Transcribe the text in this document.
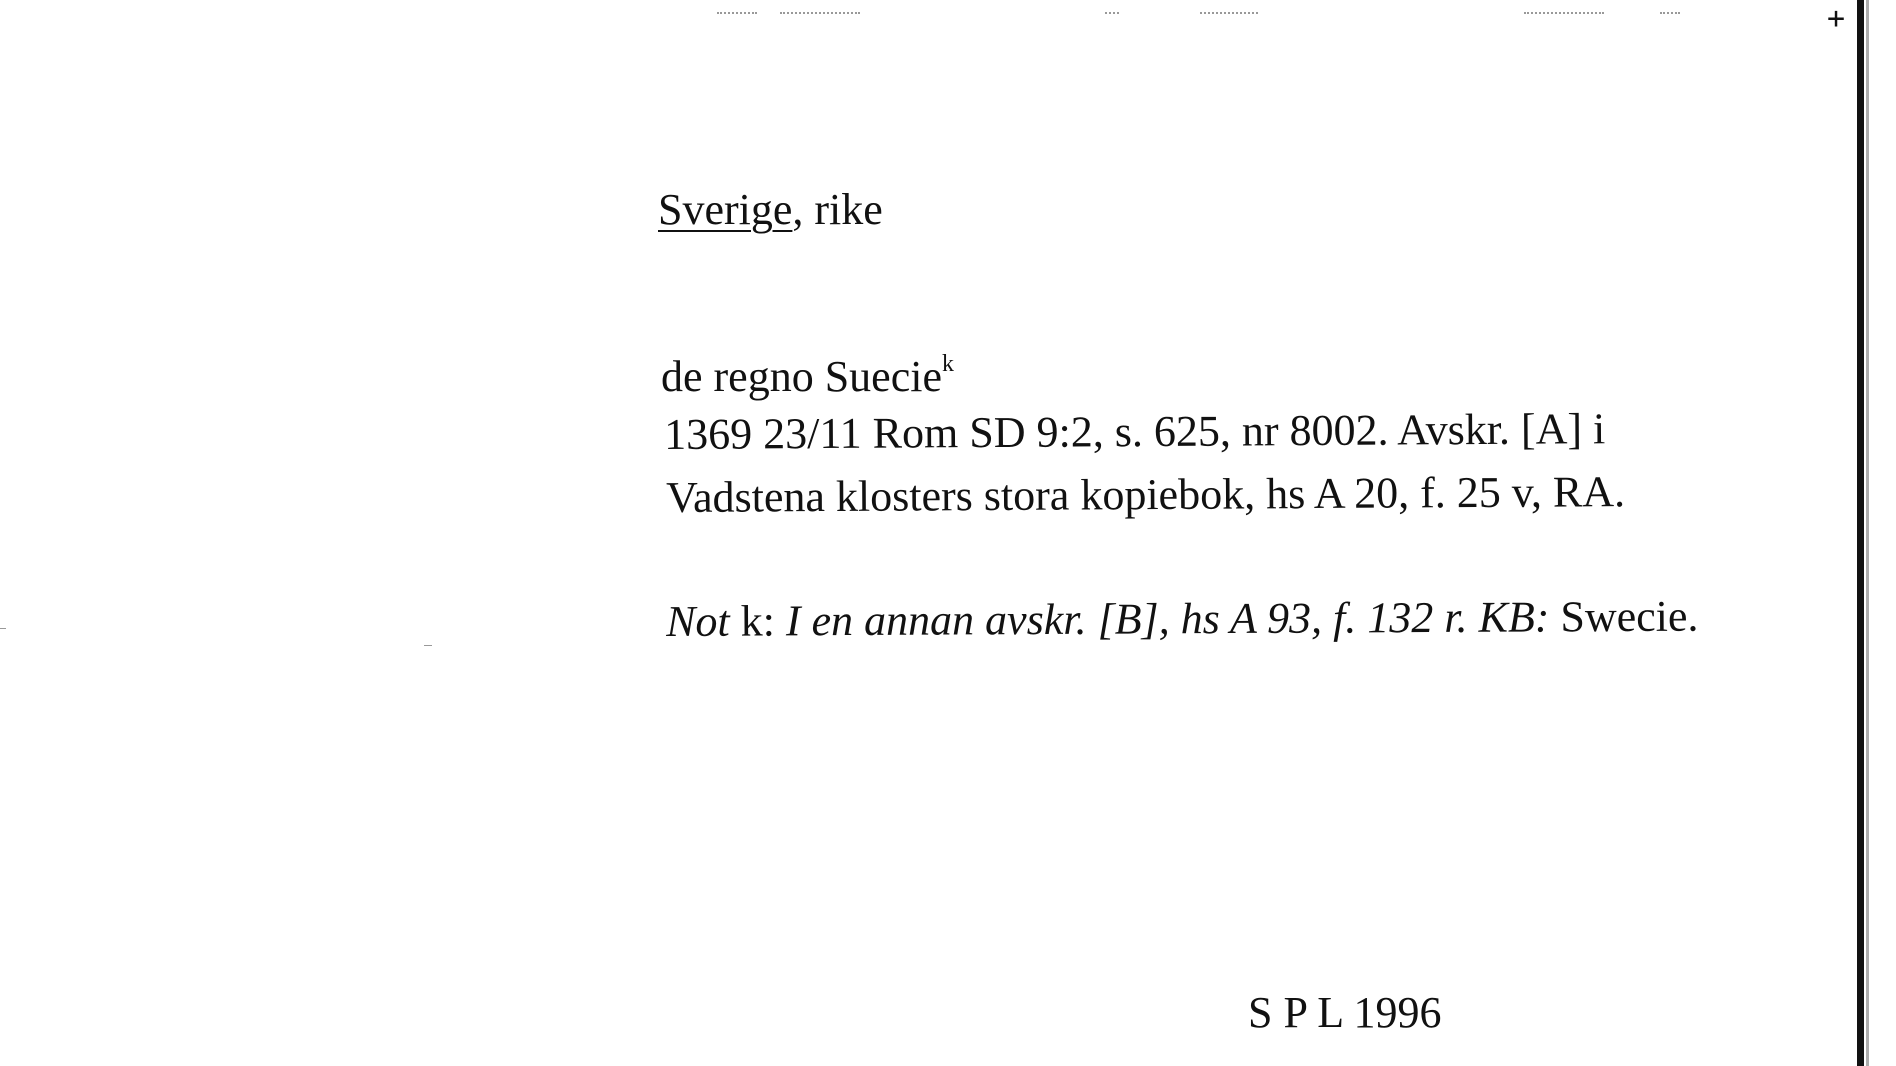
+
Sverige, rike
de regno Suecie$^k$
1369 23/11 Rom SD 9:2, s. 625, nr 8002. Avskr. [A] i
Vadstena klosters stora kopiebok, hs A 20, f. 25 v, RA.
Not k: I en annan avskr. [B], hs A 93, f. 132 r. KB: Swecie.
S P L 1996
